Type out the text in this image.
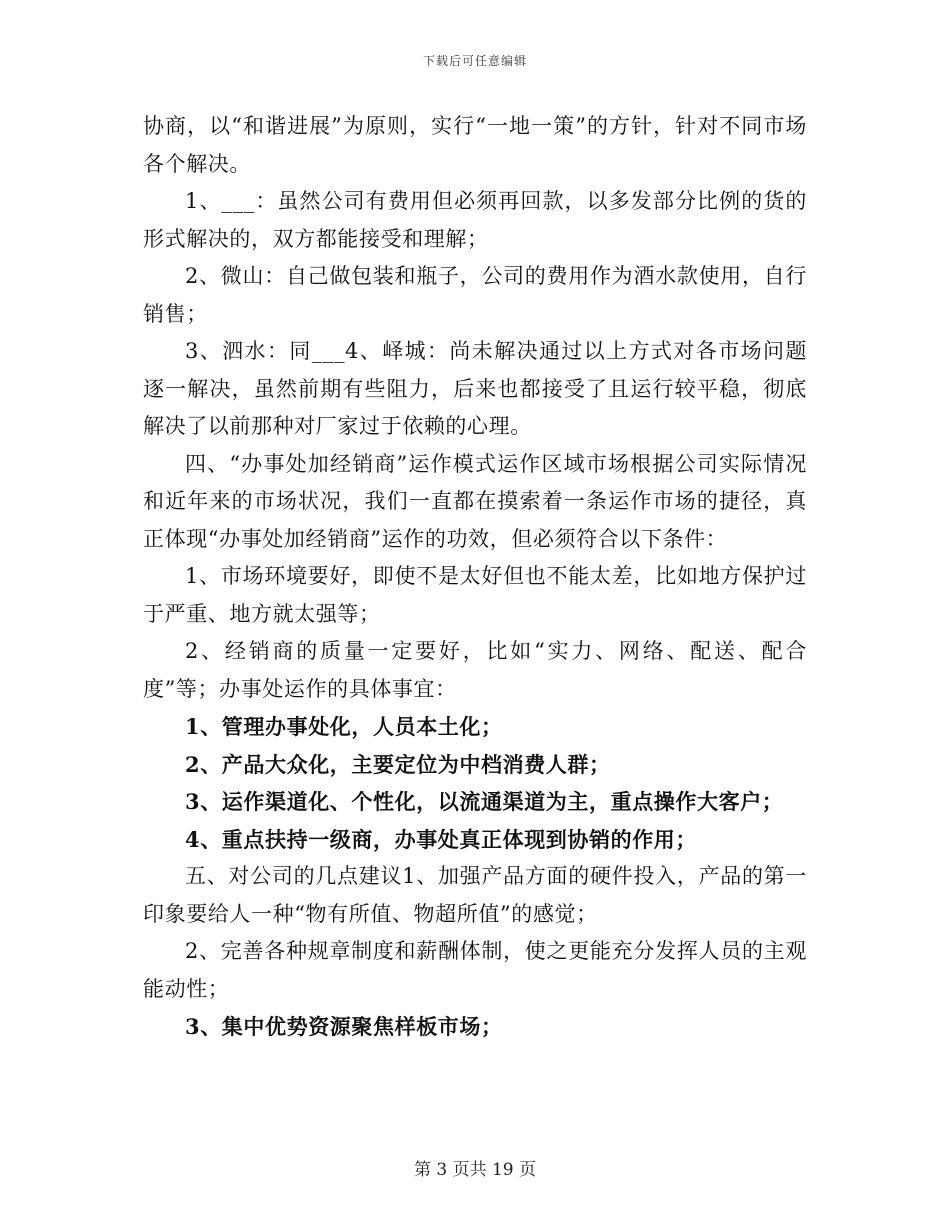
下载后可任意编辑

协商，以“和谐进展”为原则，实行“一地一策”的方针，针对不同市场各个解决。

1、___：虽然公司有费用但必须再回款，以多发部分比例的货的形式解决的，双方都能接受和理解；

2、微山：自己做包装和瓶子，公司的费用作为酒水款使用，自行销售；

3、泗水：同___4、峄城：尚未解决通过以上方式对各市场问题逐一解决，虽然前期有些阻力，后来也都接受了且运行较平稳，彻底解决了以前那种对厂家过于依赖的心理。

四、“办事处加经销商”运作模式运作区域市场根据公司实际情况和近年来的市场状况，我们一直都在摸索着一条运作市场的捷径，真正体现“办事处加经销商”运作的功效，但必须符合以下条件：

1、市场环境要好，即使不是太好但也不能太差，比如地方保护过于严重、地方就太强等；

2、经销商的质量一定要好，比如“实力、网络、配送、配合度”等；办事处运作的具体事宜：

1、管理办事处化，人员本土化；

2、产品大众化，主要定位为中档消费人群；

3、运作渠道化、个性化，以流通渠道为主，重点操作大客户；

4、重点扶持一级商，办事处真正体现到协销的作用；

五、对公司的几点建议1、加强产品方面的硬件投入，产品的第一印象要给人一种“物有所值、物超所值”的感觉；

2、完善各种规章制度和薪酬体制，使之更能充分发挥人员的主观能动性；

3、集中优势资源聚焦样板市场；

第 3 页共 19 页
